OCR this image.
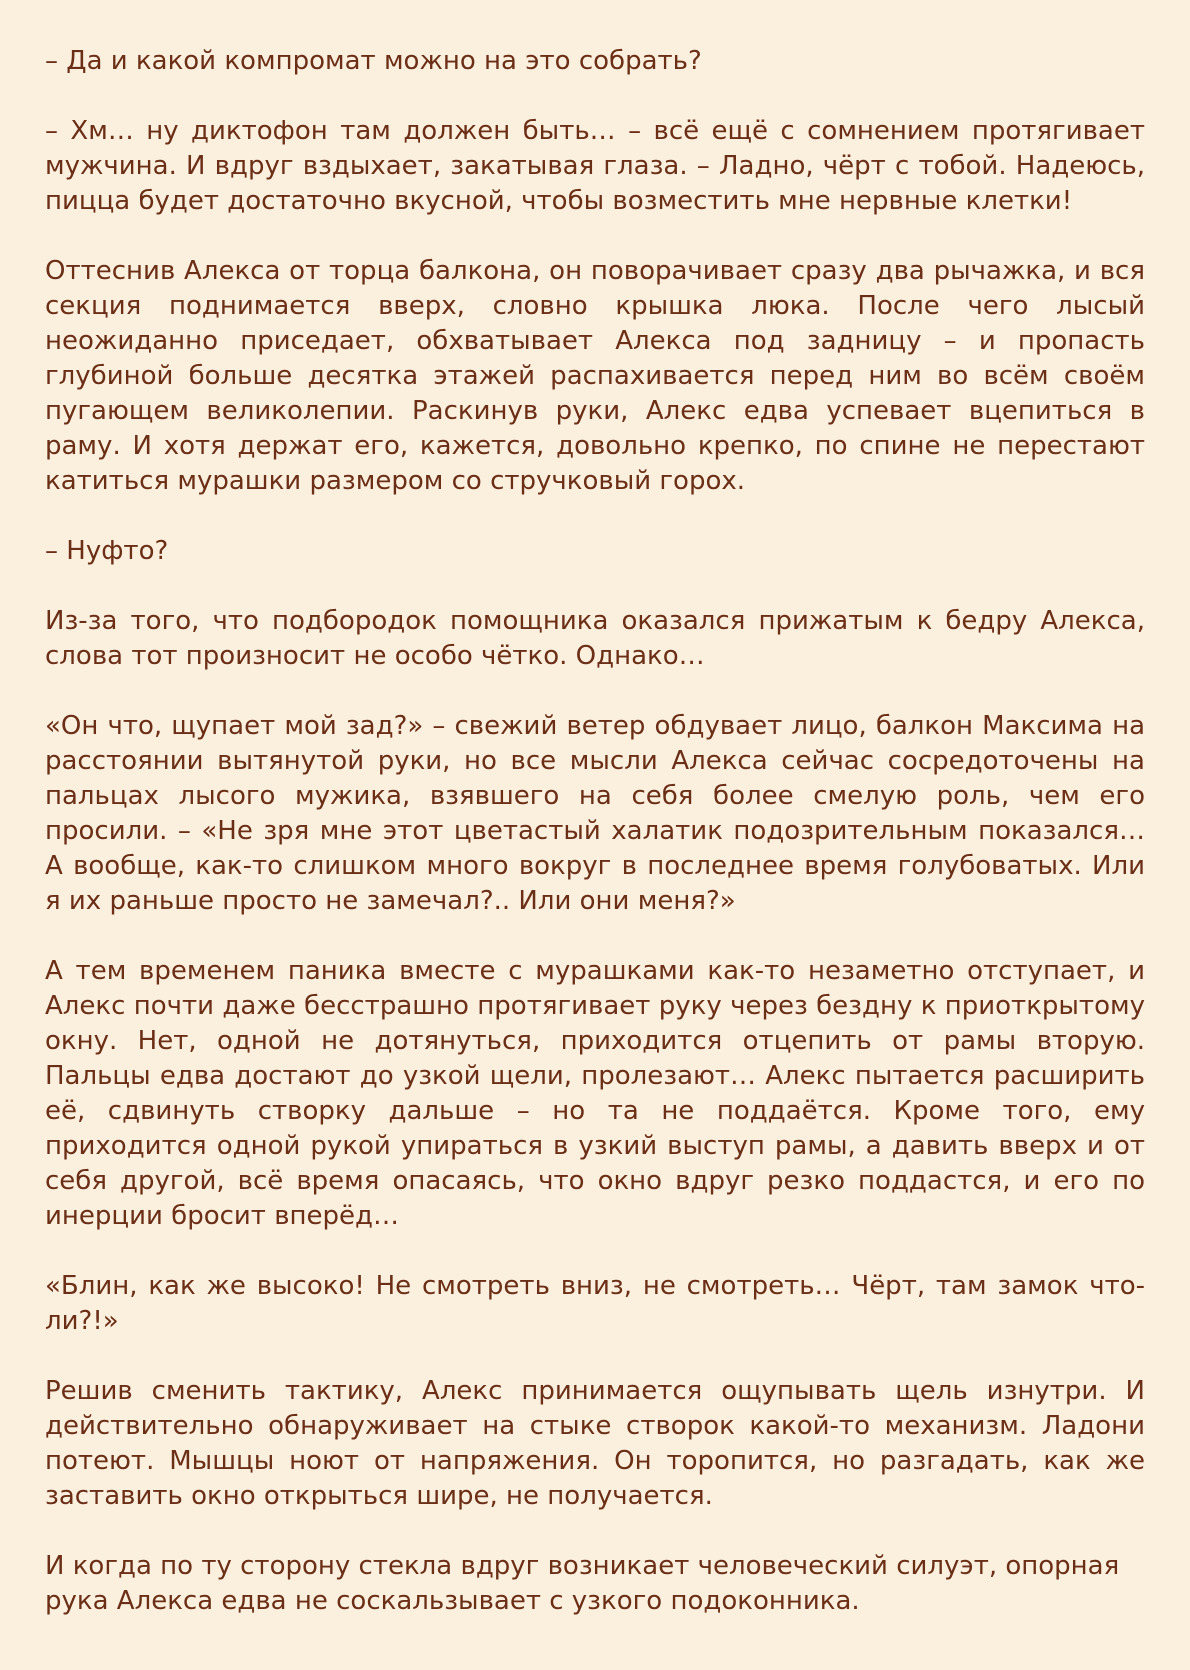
– Да и какой компромат можно на это собрать?

– Хм… ну диктофон там должен быть… – всё ещё с сомнением протягивает мужчина. И вдруг вздыхает, закатывая глаза. – Ладно, чёрт с тобой. Надеюсь, пицца будет достаточно вкусной, чтобы возместить мне нервные клетки!

Оттеснив Алекса от торца балкона, он поворачивает сразу два рычажка, и вся секция поднимается вверх, словно крышка люка. После чего лысый неожиданно приседает, обхватывает Алекса под задницу – и пропасть глубиной больше десятка этажей распахивается перед ним во всём своём пугающем великолепии. Раскинув руки, Алекс едва успевает вцепиться в раму. И хотя держат его, кажется, довольно крепко, по спине не перестают катиться мурашки размером со стручковый горох.

– Нуфто?

Из-за того, что подбородок помощника оказался прижатым к бедру Алекса, слова тот произносит не особо чётко. Однако…

«Он что, щупает мой зад?» – свежий ветер обдувает лицо, балкон Максима на расстоянии вытянутой руки, но все мысли Алекса сейчас сосредоточены на пальцах лысого мужика, взявшего на себя более смелую роль, чем его просили. – «Не зря мне этот цветастый халатик подозрительным показался… А вообще, как-то слишком много вокруг в последнее время голубоватых. Или я их раньше просто не замечал?.. Или они меня?»

А тем временем паника вместе с мурашками как-то незаметно отступает, и Алекс почти даже бесстрашно протягивает руку через бездну к приоткрытому окну. Нет, одной не дотянуться, приходится отцепить от рамы вторую. Пальцы едва достают до узкой щели, пролезают… Алекс пытается расширить её, сдвинуть створку дальше – но та не поддаётся. Кроме того, ему приходится одной рукой упираться в узкий выступ рамы, а давить вверх и от себя другой, всё время опасаясь, что окно вдруг резко поддастся, и его по инерции бросит вперёд…

«Блин, как же высоко! Не смотреть вниз, не смотреть… Чёрт, там замок что-ли?!»

Решив сменить тактику, Алекс принимается ощупывать щель изнутри. И действительно обнаруживает на стыке створок какой-то механизм. Ладони потеют. Мышцы ноют от напряжения. Он торопится, но разгадать, как же заставить окно открыться шире, не получается.

И когда по ту сторону стекла вдруг возникает человеческий силуэт, опорная рука Алекса едва не соскальзывает с узкого подоконника.
